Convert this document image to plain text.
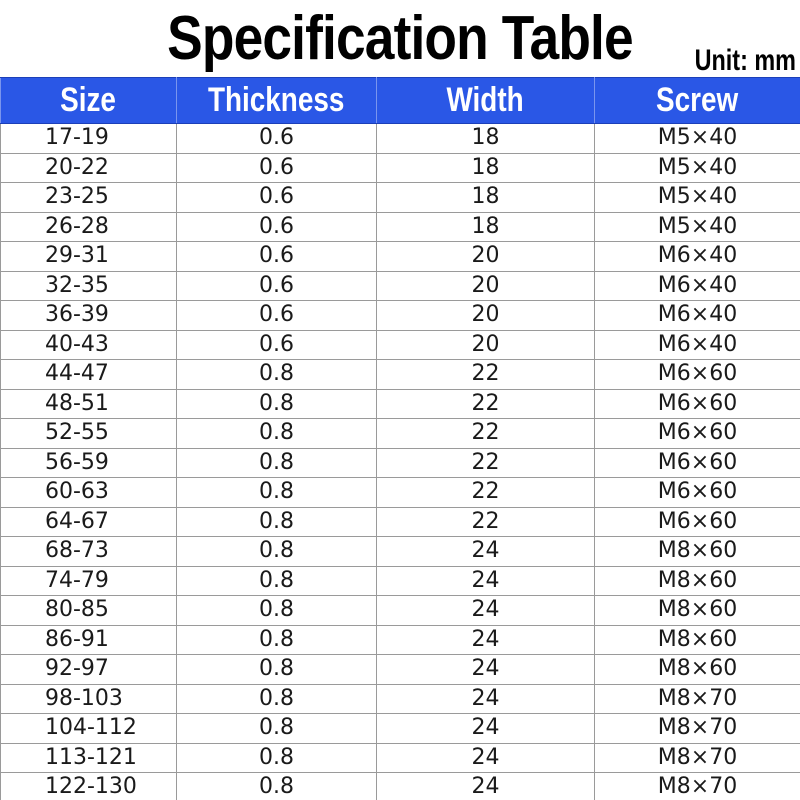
Specification Table	Unit: mm
Size	Thickness	Width	Screw
17-19	0.6	18	M5×40
20-22	0.6	18	M5×40
23-25	0.6	18	M5×40
26-28	0.6	18	M5×40
29-31	0.6	20	M6×40
32-35	0.6	20	M6×40
36-39	0.6	20	M6×40
40-43	0.6	20	M6×40
44-47	0.8	22	M6×60
48-51	0.8	22	M6×60
52-55	0.8	22	M6×60
56-59	0.8	22	M6×60
60-63	0.8	22	M6×60
64-67	0.8	22	M6×60
68-73	0.8	24	M8×60
74-79	0.8	24	M8×60
80-85	0.8	24	M8×60
86-91	0.8	24	M8×60
92-97	0.8	24	M8×60
98-103	0.8	24	M8×70
104-112	0.8	24	M8×70
113-121	0.8	24	M8×70
122-130	0.8	24	M8×70
